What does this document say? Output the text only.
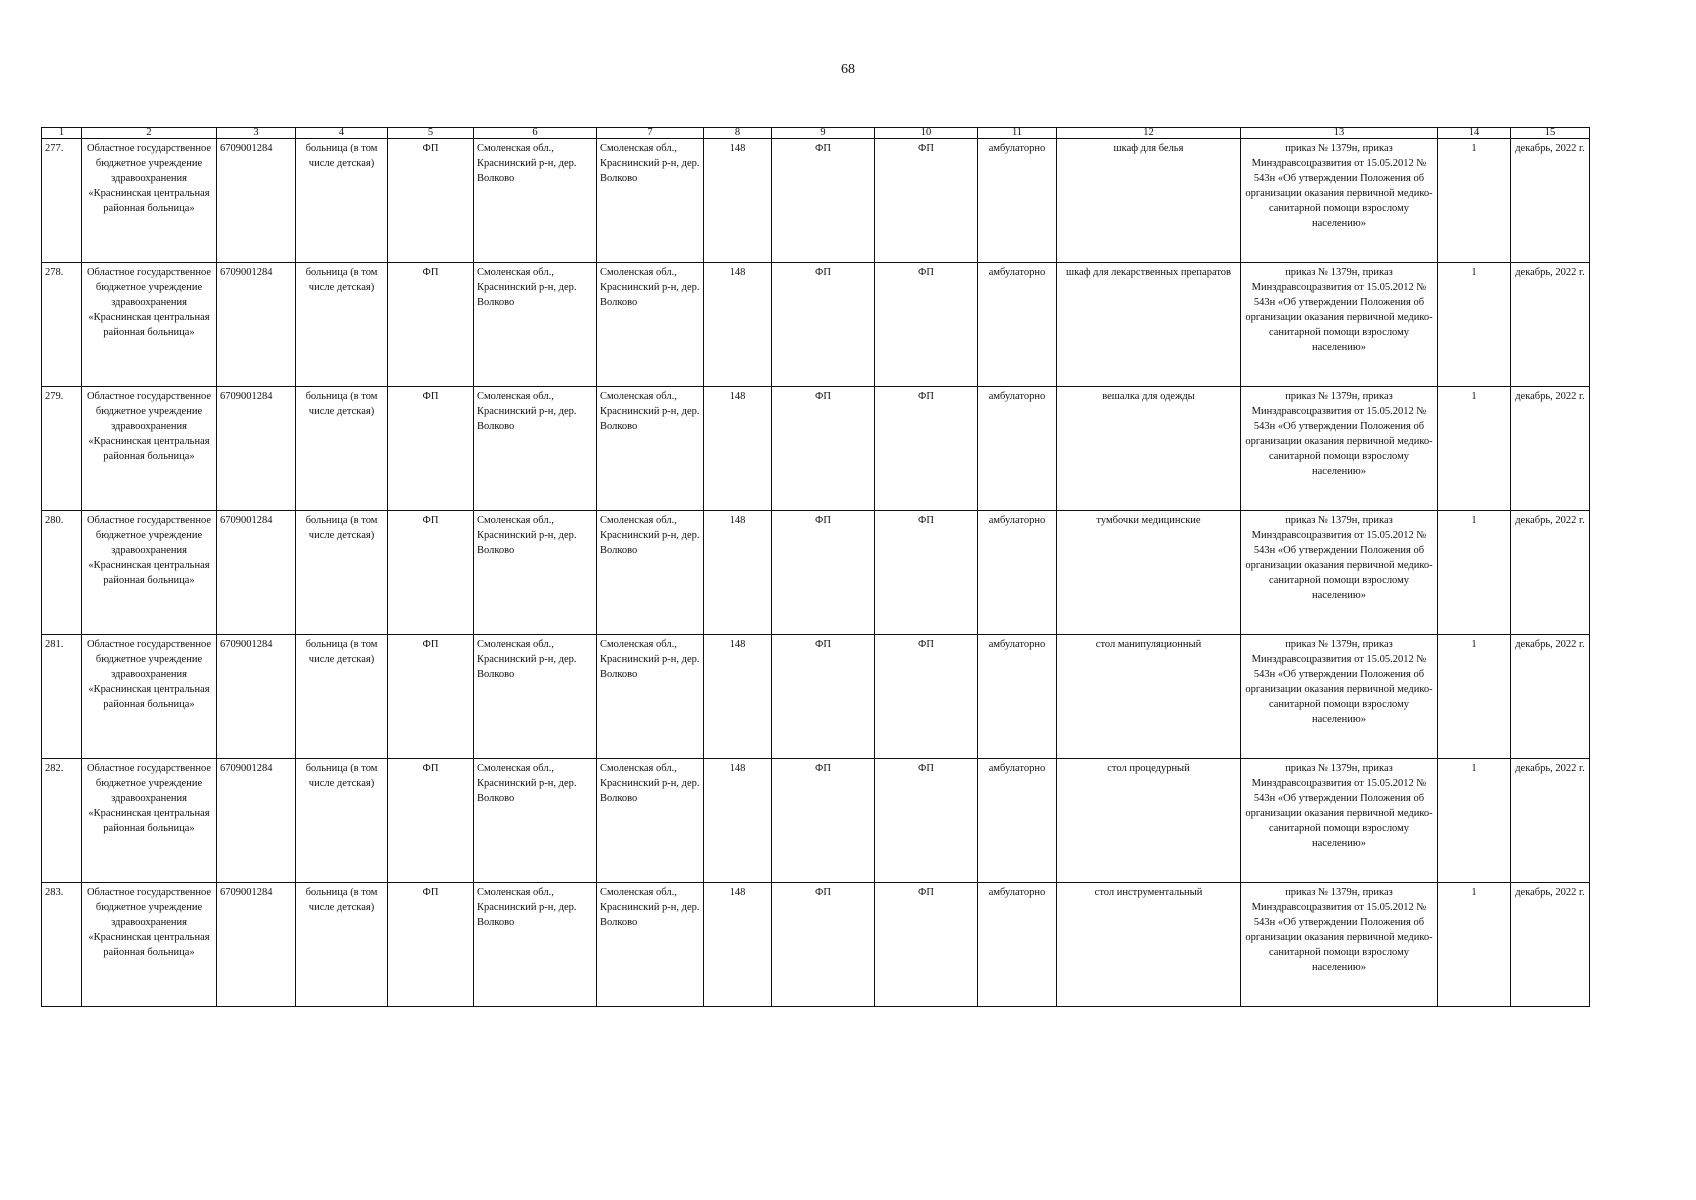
68
1	2	3	4	5	6	7	8	9	10	11	12	13	14	15
277.	Областное государственное бюджетное учреждение здравоохранения «Краснинская центральная районная больница»	6709001284	больница (в том числе детская)	ФП	Смоленская обл., Краснинский р-н, дер. Волково	Смоленская обл., Краснинский р-н, дер. Волково	148	ФП	ФП	амбулаторно	шкаф для белья	приказ № 1379н, приказ Минздравсоцразвития от 15.05.2012 № 543н «Об утверждении Положения об организации оказания первичной медико-санитарной помощи взрослому населению»	1	декабрь, 2022 г.
278.	Областное государственное бюджетное учреждение здравоохранения «Краснинская центральная районная больница»	6709001284	больница (в том числе детская)	ФП	Смоленская обл., Краснинский р-н, дер. Волково	Смоленская обл., Краснинский р-н, дер. Волково	148	ФП	ФП	амбулаторно	шкаф для лекарственных препаратов	приказ № 1379н, приказ Минздравсоцразвития от 15.05.2012 № 543н «Об утверждении Положения об организации оказания первичной медико-санитарной помощи взрослому населению»	1	декабрь, 2022 г.
279.	Областное государственное бюджетное учреждение здравоохранения «Краснинская центральная районная больница»	6709001284	больница (в том числе детская)	ФП	Смоленская обл., Краснинский р-н, дер. Волково	Смоленская обл., Краснинский р-н, дер. Волково	148	ФП	ФП	амбулаторно	вешалка для одежды	приказ № 1379н, приказ Минздравсоцразвития от 15.05.2012 № 543н «Об утверждении Положения об организации оказания первичной медико-санитарной помощи взрослому населению»	1	декабрь, 2022 г.
280.	Областное государственное бюджетное учреждение здравоохранения «Краснинская центральная районная больница»	6709001284	больница (в том числе детская)	ФП	Смоленская обл., Краснинский р-н, дер. Волково	Смоленская обл., Краснинский р-н, дер. Волково	148	ФП	ФП	амбулаторно	тумбочки медицинские	приказ № 1379н, приказ Минздравсоцразвития от 15.05.2012 № 543н «Об утверждении Положения об организации оказания первичной медико-санитарной помощи взрослому населению»	1	декабрь, 2022 г.
281.	Областное государственное бюджетное учреждение здравоохранения «Краснинская центральная районная больница»	6709001284	больница (в том числе детская)	ФП	Смоленская обл., Краснинский р-н, дер. Волково	Смоленская обл., Краснинский р-н, дер. Волково	148	ФП	ФП	амбулаторно	стол манипуляционный	приказ № 1379н, приказ Минздравсоцразвития от 15.05.2012 № 543н «Об утверждении Положения об организации оказания первичной медико-санитарной помощи взрослому населению»	1	декабрь, 2022 г.
282.	Областное государственное бюджетное учреждение здравоохранения «Краснинская центральная районная больница»	6709001284	больница (в том числе детская)	ФП	Смоленская обл., Краснинский р-н, дер. Волково	Смоленская обл., Краснинский р-н, дер. Волково	148	ФП	ФП	амбулаторно	стол процедурный	приказ № 1379н, приказ Минздравсоцразвития от 15.05.2012 № 543н «Об утверждении Положения об организации оказания первичной медико-санитарной помощи взрослому населению»	1	декабрь, 2022 г.
283.	Областное государственное бюджетное учреждение здравоохранения «Краснинская центральная районная больница»	6709001284	больница (в том числе детская)	ФП	Смоленская обл., Краснинский р-н, дер. Волково	Смоленская обл., Краснинский р-н, дер. Волково	148	ФП	ФП	амбулаторно	стол инструментальный	приказ № 1379н, приказ Минздравсоцразвития от 15.05.2012 № 543н «Об утверждении Положения об организации оказания первичной медико-санитарной помощи взрослому населению»	1	декабрь, 2022 г.
